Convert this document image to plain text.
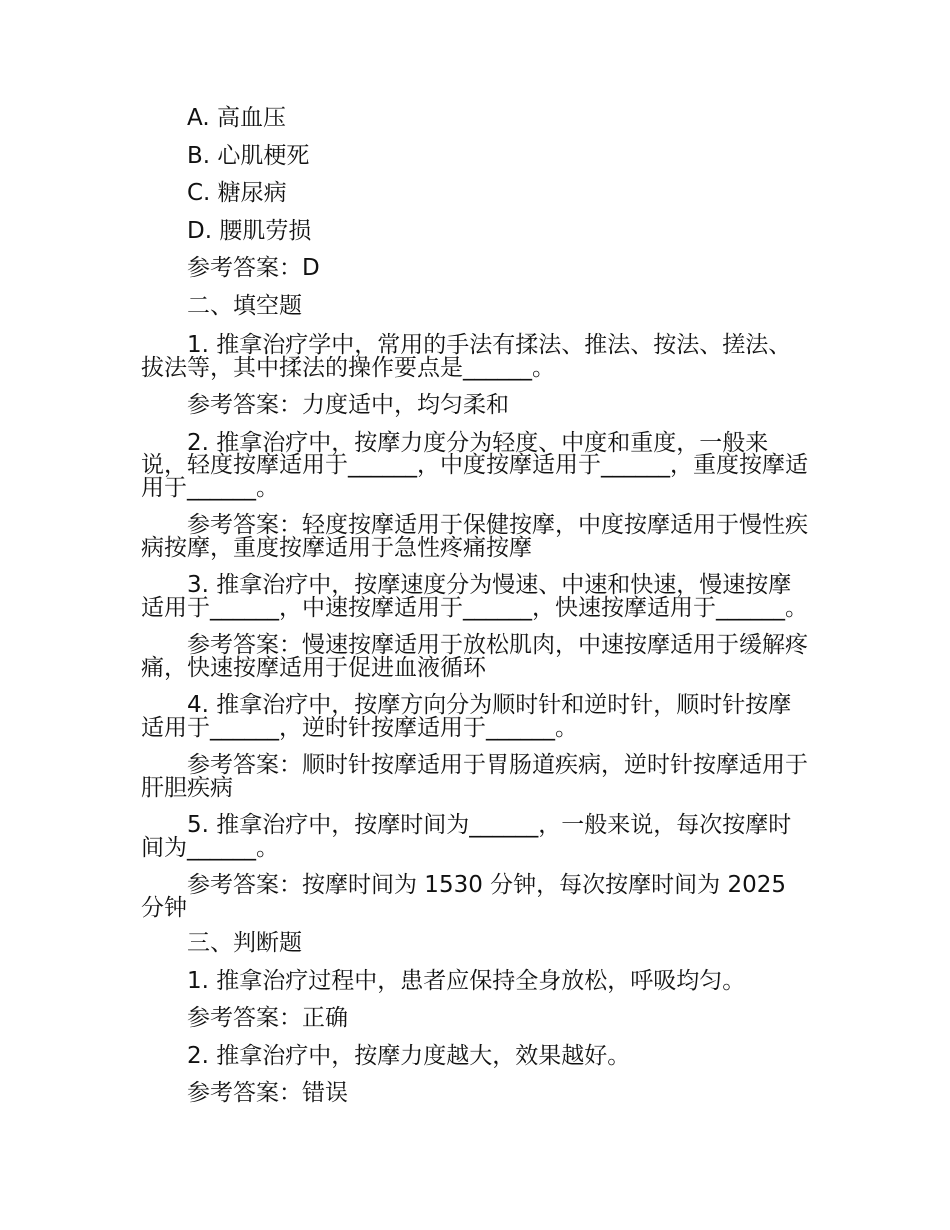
A. 高血压
B. 心肌梗死
C. 糖尿病
D. 腰肌劳损
参考答案：D
二、填空题
1. 推拿治疗学中，常用的手法有揉法、推法、按法、搓法、拔法等，其中揉法的操作要点是______。
参考答案：力度适中，均匀柔和
2. 推拿治疗中，按摩力度分为轻度、中度和重度，一般来说，轻度按摩适用于______，中度按摩适用于______，重度按摩适用于______。
参考答案：轻度按摩适用于保健按摩，中度按摩适用于慢性疾病按摩，重度按摩适用于急性疼痛按摩
3. 推拿治疗中，按摩速度分为慢速、中速和快速，慢速按摩适用于______，中速按摩适用于______，快速按摩适用于______。
参考答案：慢速按摩适用于放松肌肉，中速按摩适用于缓解疼痛，快速按摩适用于促进血液循环
4. 推拿治疗中，按摩方向分为顺时针和逆时针，顺时针按摩适用于______，逆时针按摩适用于______。
参考答案：顺时针按摩适用于胃肠道疾病，逆时针按摩适用于肝胆疾病
5. 推拿治疗中，按摩时间为______，一般来说，每次按摩时间为______。
参考答案：按摩时间为 1530 分钟，每次按摩时间为 2025 分钟
三、判断题
1. 推拿治疗过程中，患者应保持全身放松，呼吸均匀。
参考答案：正确
2. 推拿治疗中，按摩力度越大，效果越好。
参考答案：错误
